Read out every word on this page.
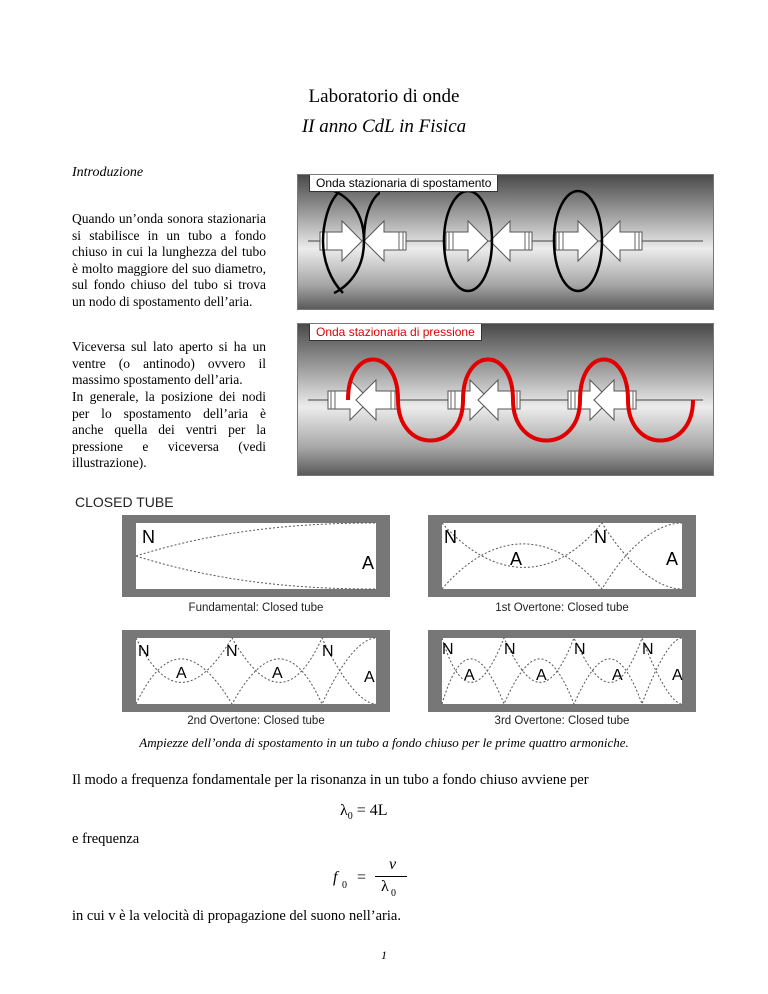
Laboratorio di onde
II anno CdL in Fisica
Introduzione
Quando un’onda sonora stazionaria si stabilisce in un tubo a fondo chiuso in cui la lunghezza del tubo è molto maggiore del suo diametro, sul fondo chiuso del tubo si trova un nodo di spostamento dell’aria.
Viceversa sul lato aperto si ha un ventre (o antinodo) ovvero il massimo spostamento dell’aria.
In generale, la posizione dei nodi per lo spostamento dell’aria è anche quella dei ventri per la pressione e viceversa (vedi illustrazione).
Onda stazionaria di spostamento
Onda stazionaria di pressione
CLOSED TUBE
N
A
Fundamental: Closed tube
N
A
N
A
1st Overtone: Closed tube
N
A
N
A
N
A
2nd Overtone: Closed tube
N
A
N
A
N
A
N
A
3rd Overtone: Closed tube
Ampiezze dell’onda di spostamento in un tubo a fondo chiuso per le prime quattro armoniche.
Il modo a frequenza fondamentale per la risonanza in un tubo a fondo chiuso avviene per
$\lambda_0 = 4L$
e frequenza
f 0 =
v
λ 0
in cui v è la velocità di propagazione del suono nell’aria.
1
